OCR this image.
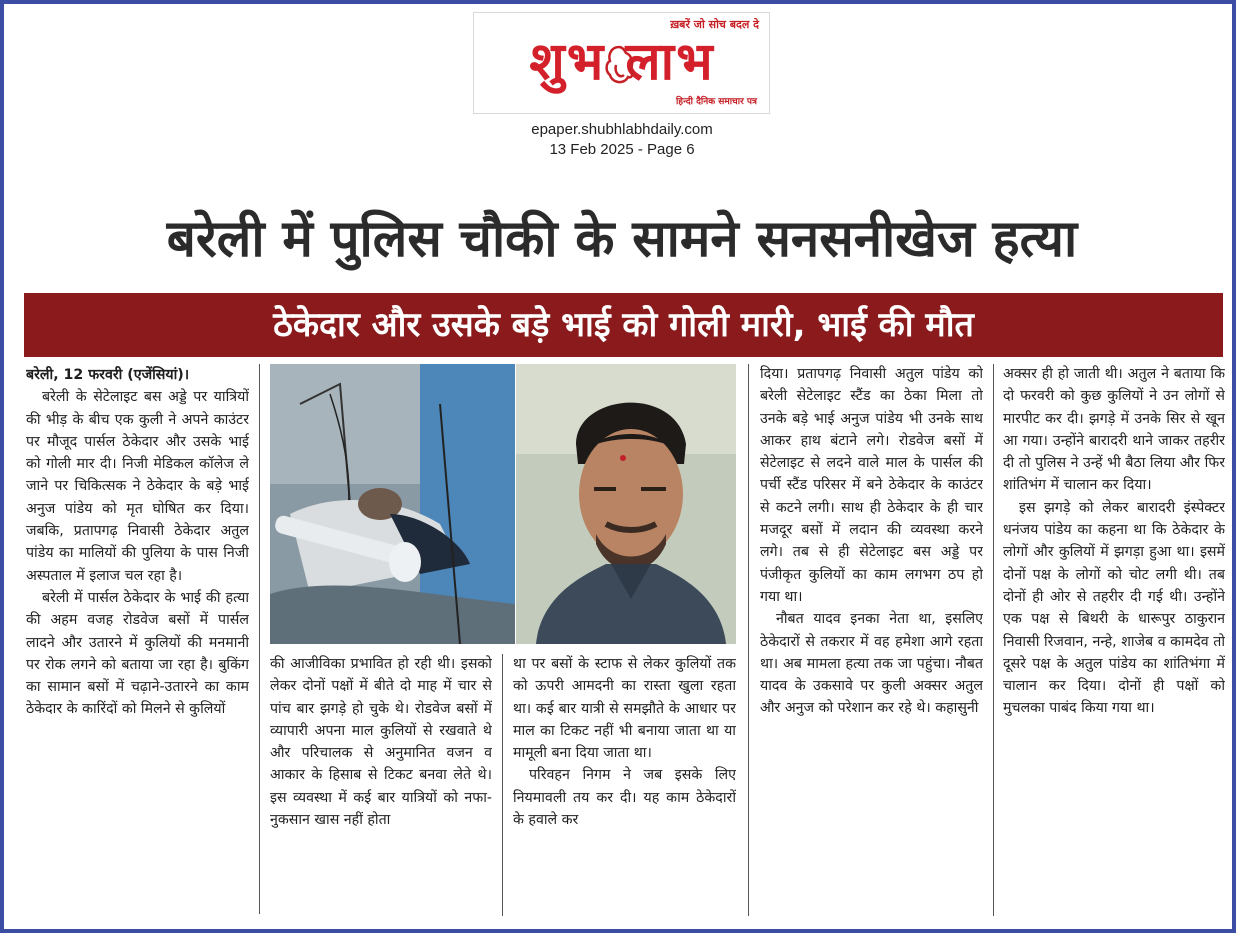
ख़बरें जो सोच बदल दे
शुभ लाभ
हिन्दी दैनिक समाचार पत्र
epaper.shubhlabhdaily.com
13 Feb 2025 - Page 6
बरेली में पुलिस चौकी के सामने सनसनीखेज हत्या
ठेकेदार और उसके बड़े भाई को गोली मारी, भाई की मौत

बरेली, 12 फरवरी (एजेंसियां)।

बरेली के सेटेलाइट बस अड्डे पर यात्रियों की भीड़ के बीच एक कुली ने अपने काउंटर पर मौजूद पार्सल ठेकेदार और उसके भाई को गोली मार दी। निजी मेडिकल कॉलेज ले जाने पर चिकित्सक ने ठेकेदार के बड़े भाई अनुज पांडेय को मृत घोषित कर दिया। जबकि, प्रतापगढ़ निवासी ठेकेदार अतुल पांडेय का मालियों की पुलिया के पास निजी अस्पताल में इलाज चल रहा है।

बरेली में पार्सल ठेकेदार के भाई की हत्या की अहम वजह रोडवेज बसों में पार्सल लादने और उतारने में कुलियों की मनमानी पर रोक लगने को बताया जा रहा है। बुकिंग का सामान बसों में चढ़ाने-उतारने का काम ठेकेदार के कारिंदों को मिलने से कुलियों

की आजीविका प्रभावित हो रही थी। इसको लेकर दोनों पक्षों में बीते दो माह में चार से पांच बार झगड़े हो चुके थे। रोडवेज बसों में व्यापारी अपना माल कुलियों से रखवाते थे और परिचालक से अनुमानित वजन व आकार के हिसाब से टिकट बनवा लेते थे। इस व्यवस्था में कई बार यात्रियों को नफा-नुकसान खास नहीं होता

था पर बसों के स्टाफ से लेकर कुलियों तक को ऊपरी आमदनी का रास्ता खुला रहता था। कई बार यात्री से समझौते के आधार पर माल का टिकट नहीं भी बनाया जाता था या मामूली बना दिया जाता था।

परिवहन निगम ने जब इसके लिए नियमावली तय कर दी। यह काम ठेकेदारों के हवाले कर

दिया। प्रतापगढ़ निवासी अतुल पांडेय को बरेली सेटेलाइट स्टैंड का ठेका मिला तो उनके बड़े भाई अनुज पांडेय भी उनके साथ आकर हाथ बंटाने लगे। रोडवेज बसों में सेटेलाइट से लदने वाले माल के पार्सल की पर्ची स्टैंड परिसर में बने ठेकेदार के काउंटर से कटने लगी। साथ ही ठेकेदार के ही चार मजदूर बसों में लदान की व्यवस्था करने लगे। तब से ही सेटेलाइट बस अड्डे पर पंजीकृत कुलियों का काम लगभग ठप हो गया था।

नौबत यादव इनका नेता था, इसलिए ठेकेदारों से तकरार में वह हमेशा आगे रहता था। अब मामला हत्या तक जा पहुंचा। नौबत यादव के उकसावे पर कुली अक्सर अतुल और अनुज को परेशान कर रहे थे। कहासुनी

अक्सर ही हो जाती थी। अतुल ने बताया कि दो फरवरी को कुछ कुलियों ने उन लोगों से मारपीट कर दी। झगड़े में उनके सिर से खून आ गया। उन्होंने बारादरी थाने जाकर तहरीर दी तो पुलिस ने उन्हें भी बैठा लिया और फिर शांतिभंग में चालान कर दिया।

इस झगड़े को लेकर बारादरी इंस्पेक्टर धनंजय पांडेय का कहना था कि ठेकेदार के लोगों और कुलियों में झगड़ा हुआ था। इसमें दोनों पक्ष के लोगों को चोट लगी थी। तब दोनों ही ओर से तहरीर दी गई थी। उन्होंने एक पक्ष से बिथरी के धारूपुर ठाकुरान निवासी रिजवान, नन्हे, शाजेब व कामदेव तो दूसरे पक्ष के अतुल पांडेय का शांतिभंगा में चालान कर दिया। दोनों ही पक्षों को मुचलका पाबंद किया गया था।
